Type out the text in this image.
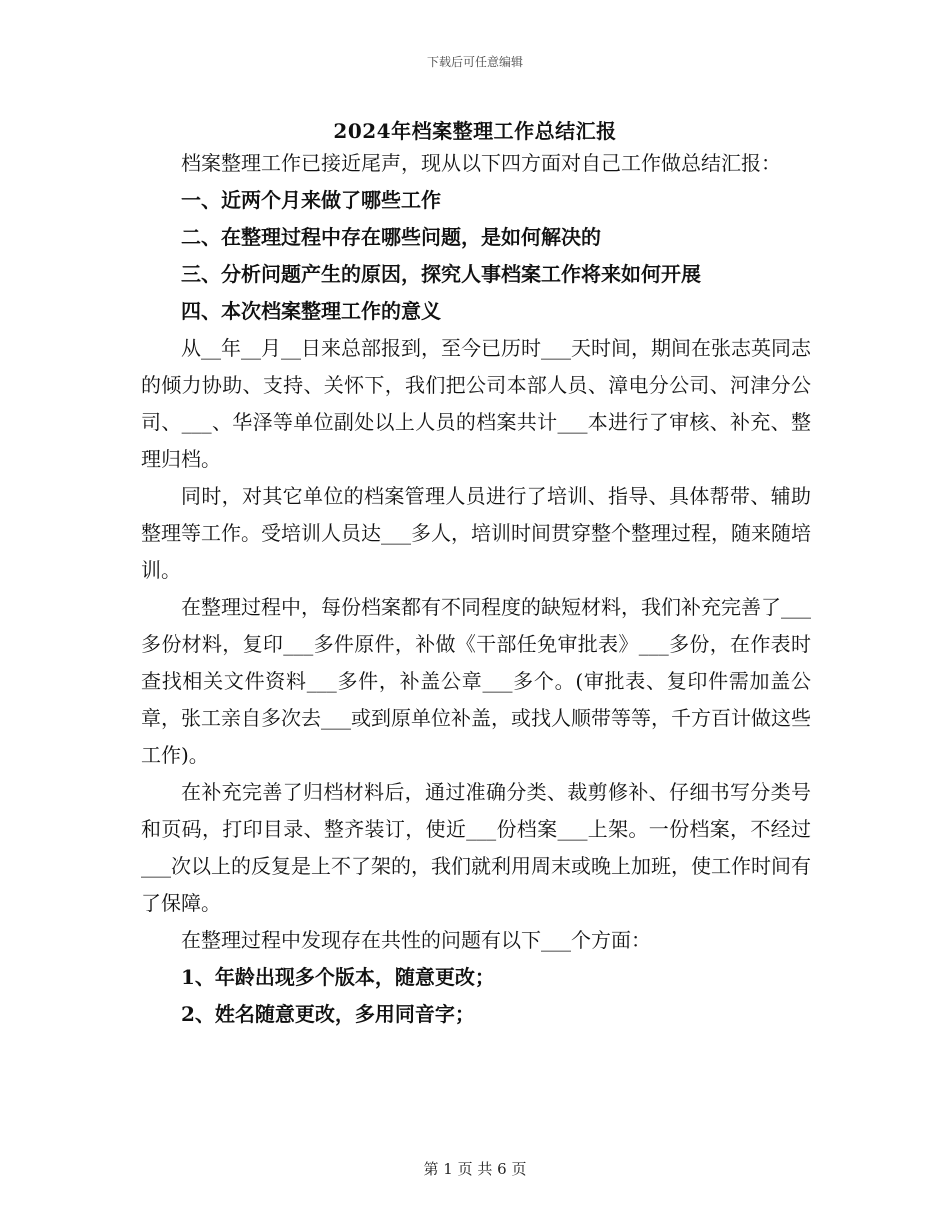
下载后可任意编辑
2024年档案整理工作总结汇报

档案整理工作已接近尾声，现从以下四方面对自己工作做总结汇报：

一、近两个月来做了哪些工作

二、在整理过程中存在哪些问题，是如何解决的

三、分析问题产生的原因，探究人事档案工作将来如何开展

四、本次档案整理工作的意义

从__年__月__日来总部报到，至今已历时___天时间，期间在张志英同志的倾力协助、支持、关怀下，我们把公司本部人员、漳电分公司、河津分公司、___、华泽等单位副处以上人员的档案共计___本进行了审核、补充、整理归档。

同时，对其它单位的档案管理人员进行了培训、指导、具体帮带、辅助整理等工作。受培训人员达___多人，培训时间贯穿整个整理过程，随来随培训。

在整理过程中，每份档案都有不同程度的缺短材料，我们补充完善了___多份材料，复印___多件原件，补做《干部任免审批表》___多份，在作表时查找相关文件资料___多件，补盖公章___多个。(审批表、复印件需加盖公章，张工亲自多次去___或到原单位补盖，或找人顺带等等，千方百计做这些工作)。

在补充完善了归档材料后，通过准确分类、裁剪修补、仔细书写分类号和页码，打印目录、整齐装订，使近___份档案___上架。一份档案，不经过___次以上的反复是上不了架的，我们就利用周末或晚上加班，使工作时间有了保障。

在整理过程中发现存在共性的问题有以下___个方面：

1、年龄出现多个版本，随意更改；

2、姓名随意更改，多用同音字；

第 1 页 共 6 页
